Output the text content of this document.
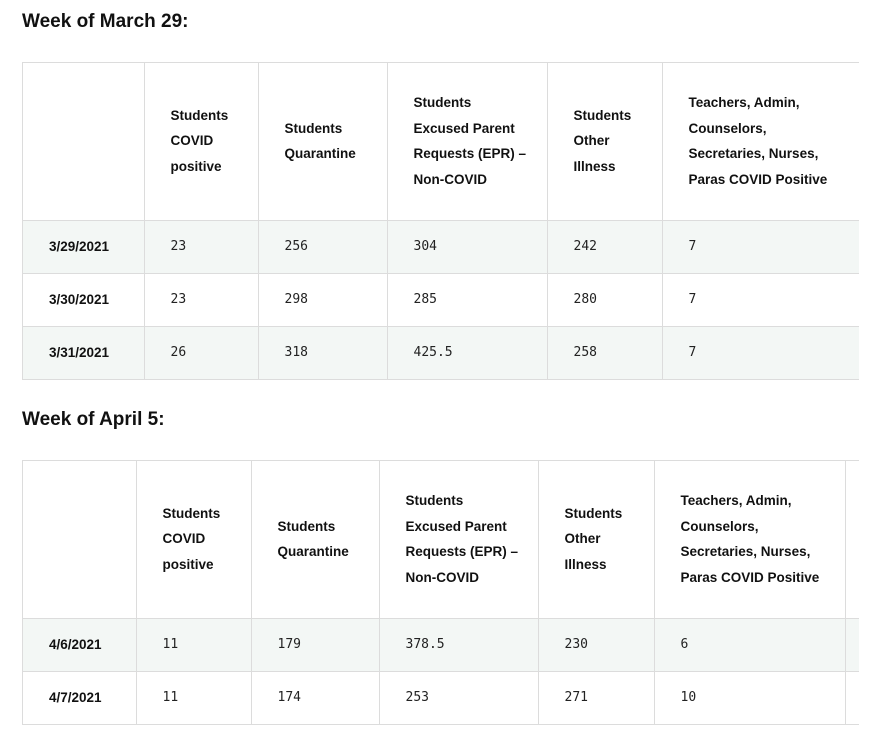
Week of March 29:

	Students COVID positive	Students Quarantine	Students Excused Parent Requests (EPR) – Non-COVID	Students Other Illness	Teachers, Admin, Counselors, Secretaries, Nurses, Paras COVID Positive

3/29/2021	23	256	304	242	7
3/30/2021	23	298	285	280	7
3/31/2021	26	318	425.5	258	7
Week of April 5:

	Students COVID positive	Students Quarantine	Students Excused Parent Requests (EPR) – Non-COVID	Students Other Illness	Teachers, Admin, Counselors, Secretaries, Nurses, Paras COVID Positive	

4/6/2021	11	179	378.5	230	6	
4/7/2021	11	174	253	271	10	
